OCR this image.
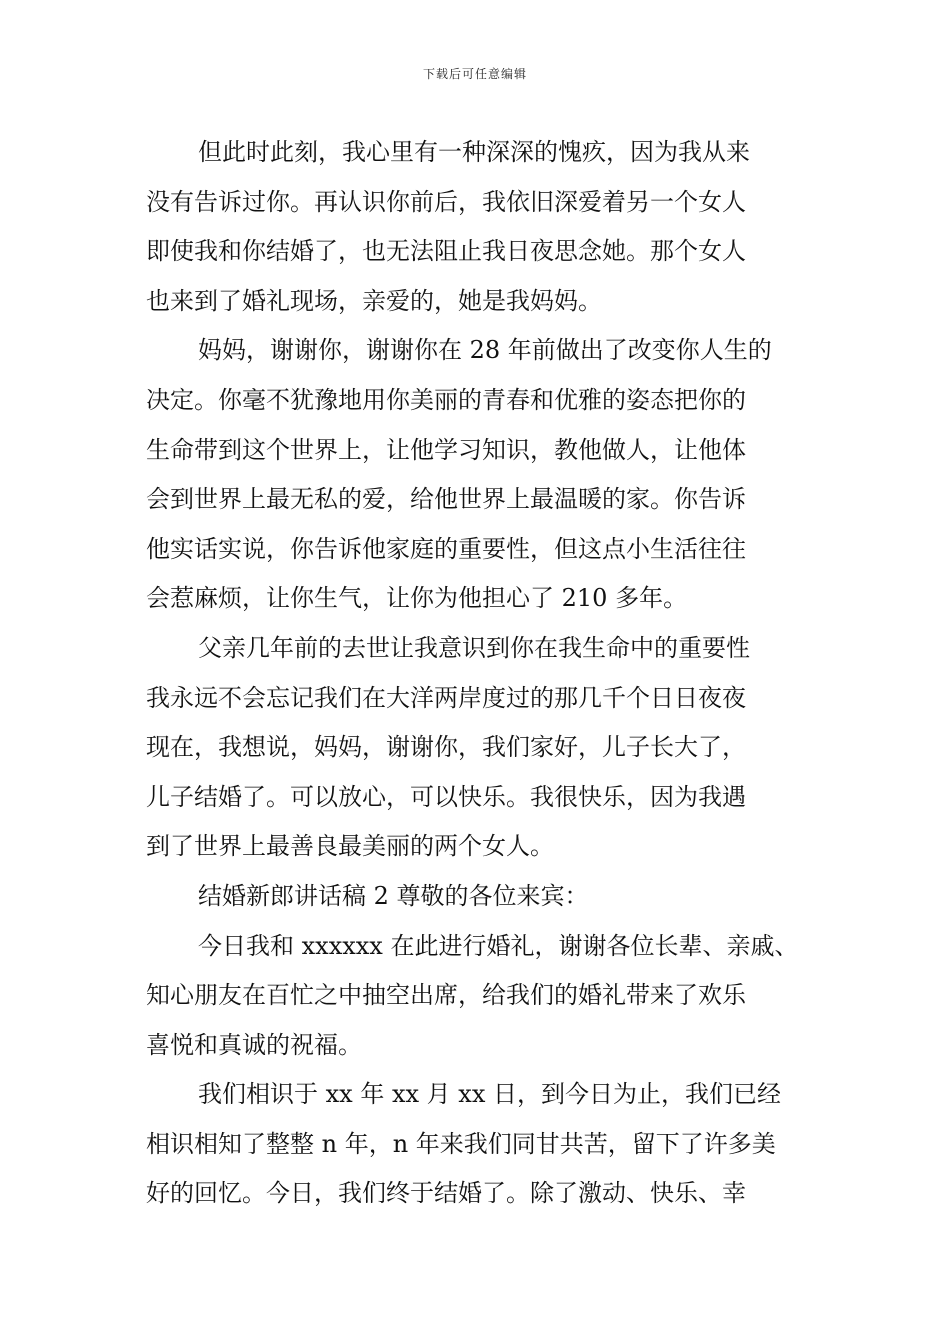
下载后可任意编辑

但此时此刻，我心里有一种深深的愧疚，因为我从来
没有告诉过你。再认识你前后，我依旧深爱着另一个女人
即使我和你结婚了，也无法阻止我日夜思念她。那个女人
也来到了婚礼现场，亲爱的，她是我妈妈。

妈妈，谢谢你，谢谢你在 28 年前做出了改变你人生的
决定。你毫不犹豫地用你美丽的青春和优雅的姿态把你的
生命带到这个世界上，让他学习知识，教他做人，让他体
会到世界上最无私的爱，给他世界上最温暖的家。你告诉
他实话实说，你告诉他家庭的重要性，但这点小生活往往
会惹麻烦，让你生气，让你为他担心了 210 多年。

父亲几年前的去世让我意识到你在我生命中的重要性
我永远不会忘记我们在大洋两岸度过的那几千个日日夜夜
现在，我想说，妈妈，谢谢你，我们家好，儿子长大了，
儿子结婚了。可以放心，可以快乐。我很快乐，因为我遇
到了世界上最善良最美丽的两个女人。

结婚新郎讲话稿 2 尊敬的各位来宾：

今日我和 xxxxxx 在此进行婚礼，谢谢各位长辈、亲戚、
知心朋友在百忙之中抽空出席，给我们的婚礼带来了欢乐
喜悦和真诚的祝福。

我们相识于 xx 年 xx 月 xx 日，到今日为止，我们已经
相识相知了整整 n 年，n 年来我们同甘共苦，留下了许多美
好的回忆。今日，我们终于结婚了。除了激动、快乐、幸
